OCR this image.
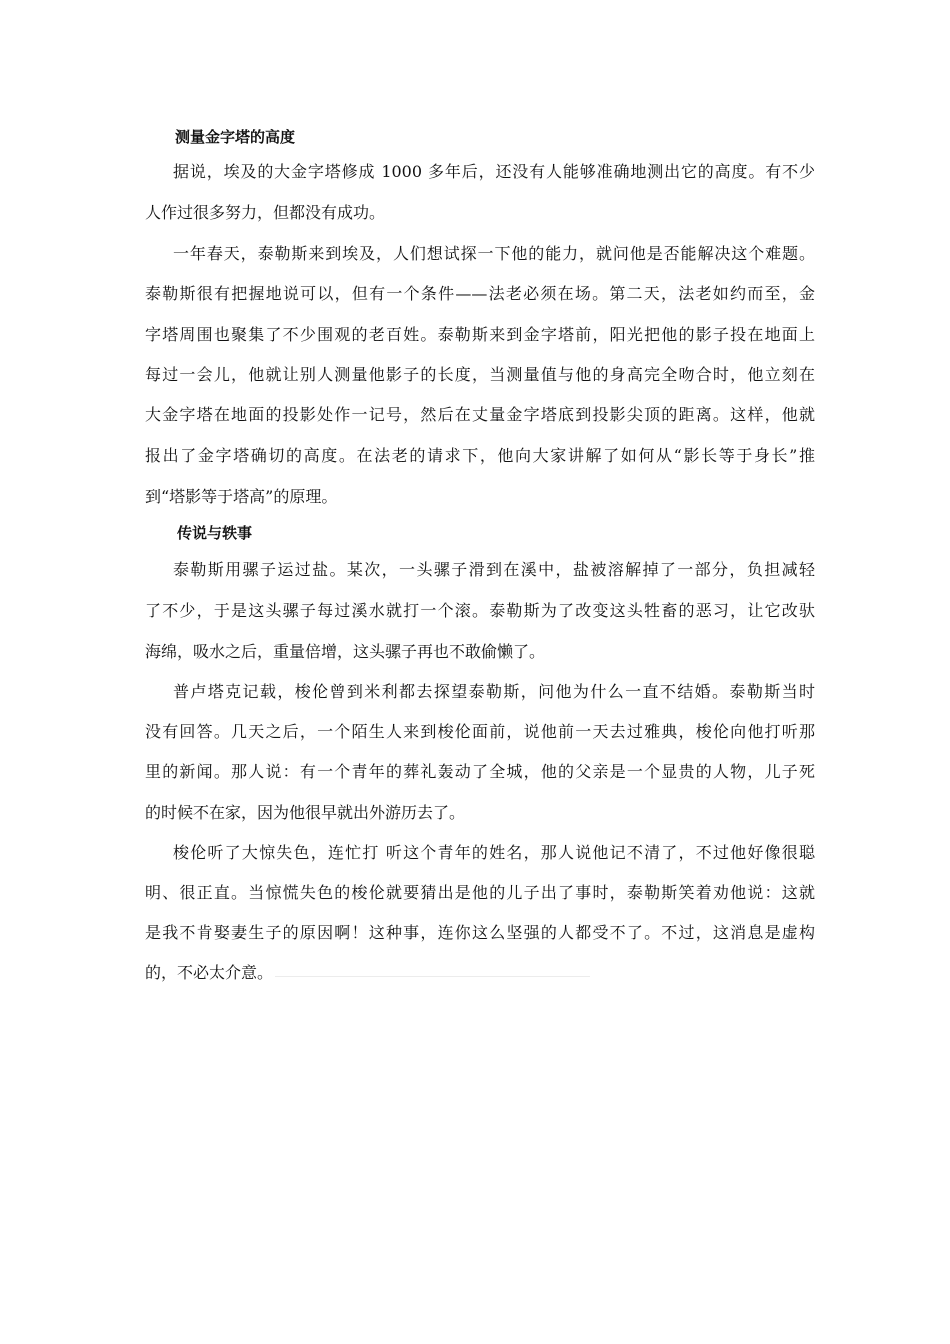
测量金字塔的高度
据说，埃及的大金字塔修成 1000 多年后，还没有人能够准确地测出它的高度。有不少
人作过很多努力，但都没有成功。
一年春天，泰勒斯来到埃及，人们想试探一下他的能力，就问他是否能解决这个难题。
泰勒斯很有把握地说可以，但有一个条件——法老必须在场。第二天，法老如约而至，金
字塔周围也聚集了不少围观的老百姓。泰勒斯来到金字塔前，阳光把他的影子投在地面上
每过一会儿，他就让别人测量他影子的长度，当测量值与他的身高完全吻合时，他立刻在
大金字塔在地面的投影处作一记号，然后在丈量金字塔底到投影尖顶的距离。这样，他就
报出了金字塔确切的高度。在法老的请求下，他向大家讲解了如何从“影长等于身长”推
到“塔影等于塔高”的原理。
传说与轶事
泰勒斯用骡子运过盐。某次，一头骡子滑到在溪中，盐被溶解掉了一部分，负担减轻
了不少，于是这头骡子每过溪水就打一个滚。泰勒斯为了改变这头牲畜的恶习，让它改驮
海绵，吸水之后，重量倍增，这头骡子再也不敢偷懒了。
普卢塔克记载，梭伦曾到米利都去探望泰勒斯，问他为什么一直不结婚。泰勒斯当时
没有回答。几天之后，一个陌生人来到梭伦面前，说他前一天去过雅典，梭伦向他打听那
里的新闻。那人说：有一个青年的葬礼轰动了全城，他的父亲是一个显贵的人物，儿子死
的时候不在家，因为他很早就出外游历去了。
梭伦听了大惊失色，连忙打 听这个青年的姓名，那人说他记不清了，不过他好像很聪
明、很正直。当惊慌失色的梭伦就要猜出是他的儿子出了事时，泰勒斯笑着劝他说：这就
是我不肯娶妻生子的原因啊！这种事，连你这么坚强的人都受不了。不过，这消息是虚构
的，不必太介意。
